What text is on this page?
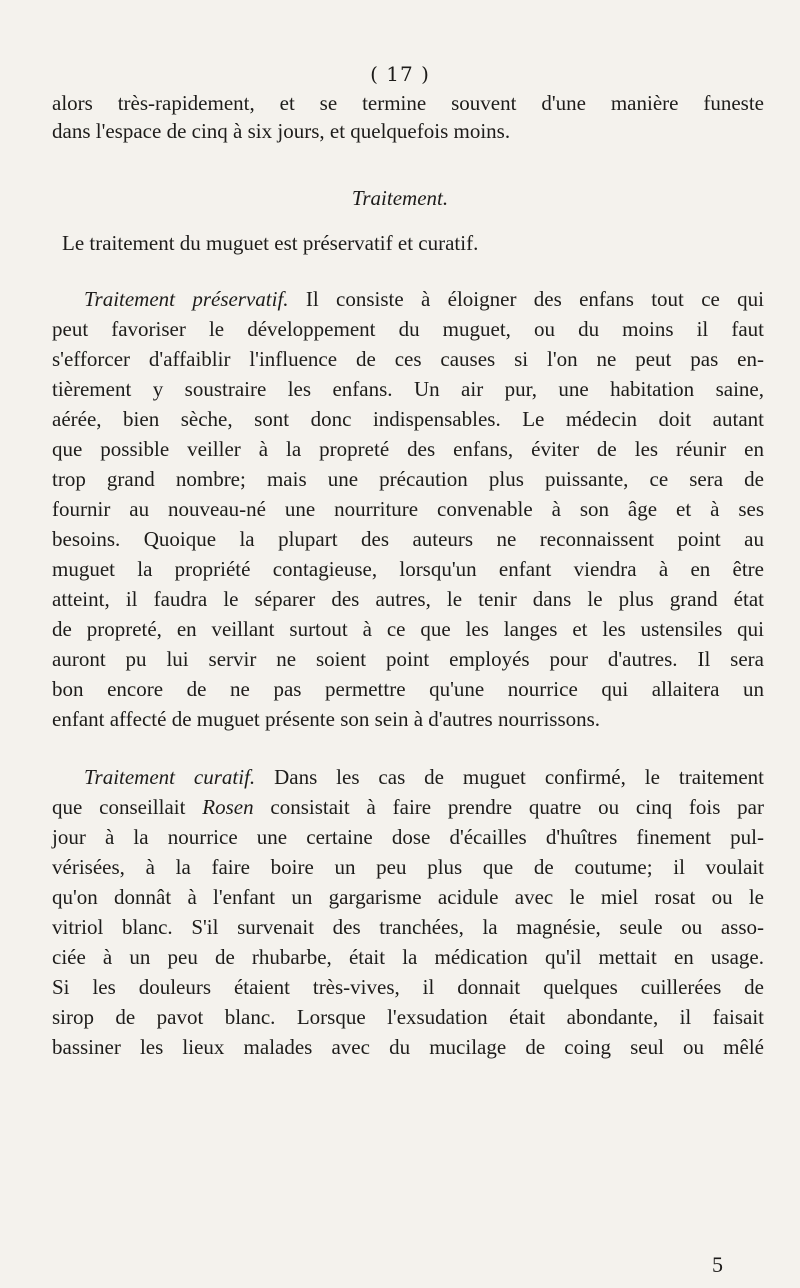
( 17 )
alors très-rapidement, et se termine souvent d'une manière funeste
dans l'espace de cinq à six jours, et quelquefois moins.
Traitement.
Le traitement du muguet est préservatif et curatif.
Traitement préservatif. Il consiste à éloigner des enfans tout ce qui
peut favoriser le développement du muguet, ou du moins il faut
s'efforcer d'affaiblir l'influence de ces causes si l'on ne peut pas en-
tièrement y soustraire les enfans. Un air pur, une habitation saine,
aérée, bien sèche, sont donc indispensables. Le médecin doit autant
que possible veiller à la propreté des enfans, éviter de les réunir en
trop grand nombre; mais une précaution plus puissante, ce sera de
fournir au nouveau-né une nourriture convenable à son âge et à ses
besoins. Quoique la plupart des auteurs ne reconnaissent point au
muguet la propriété contagieuse, lorsqu'un enfant viendra à en être
atteint, il faudra le séparer des autres, le tenir dans le plus grand état
de propreté, en veillant surtout à ce que les langes et les ustensiles qui
auront pu lui servir ne soient point employés pour d'autres. Il sera
bon encore de ne pas permettre qu'une nourrice qui allaitera un
enfant affecté de muguet présente son sein à d'autres nourrissons.
Traitement curatif. Dans les cas de muguet confirmé, le traitement
que conseillait Rosen consistait à faire prendre quatre ou cinq fois par
jour à la nourrice une certaine dose d'écailles d'huîtres finement pul-
vérisées, à la faire boire un peu plus que de coutume; il voulait
qu'on donnât à l'enfant un gargarisme acidule avec le miel rosat ou le
vitriol blanc. S'il survenait des tranchées, la magnésie, seule ou asso-
ciée à un peu de rhubarbe, était la médication qu'il mettait en usage.
Si les douleurs étaient très-vives, il donnait quelques cuillerées de
sirop de pavot blanc. Lorsque l'exsudation était abondante, il faisait
bassiner les lieux malades avec du mucilage de coing seul ou mêlé
5
